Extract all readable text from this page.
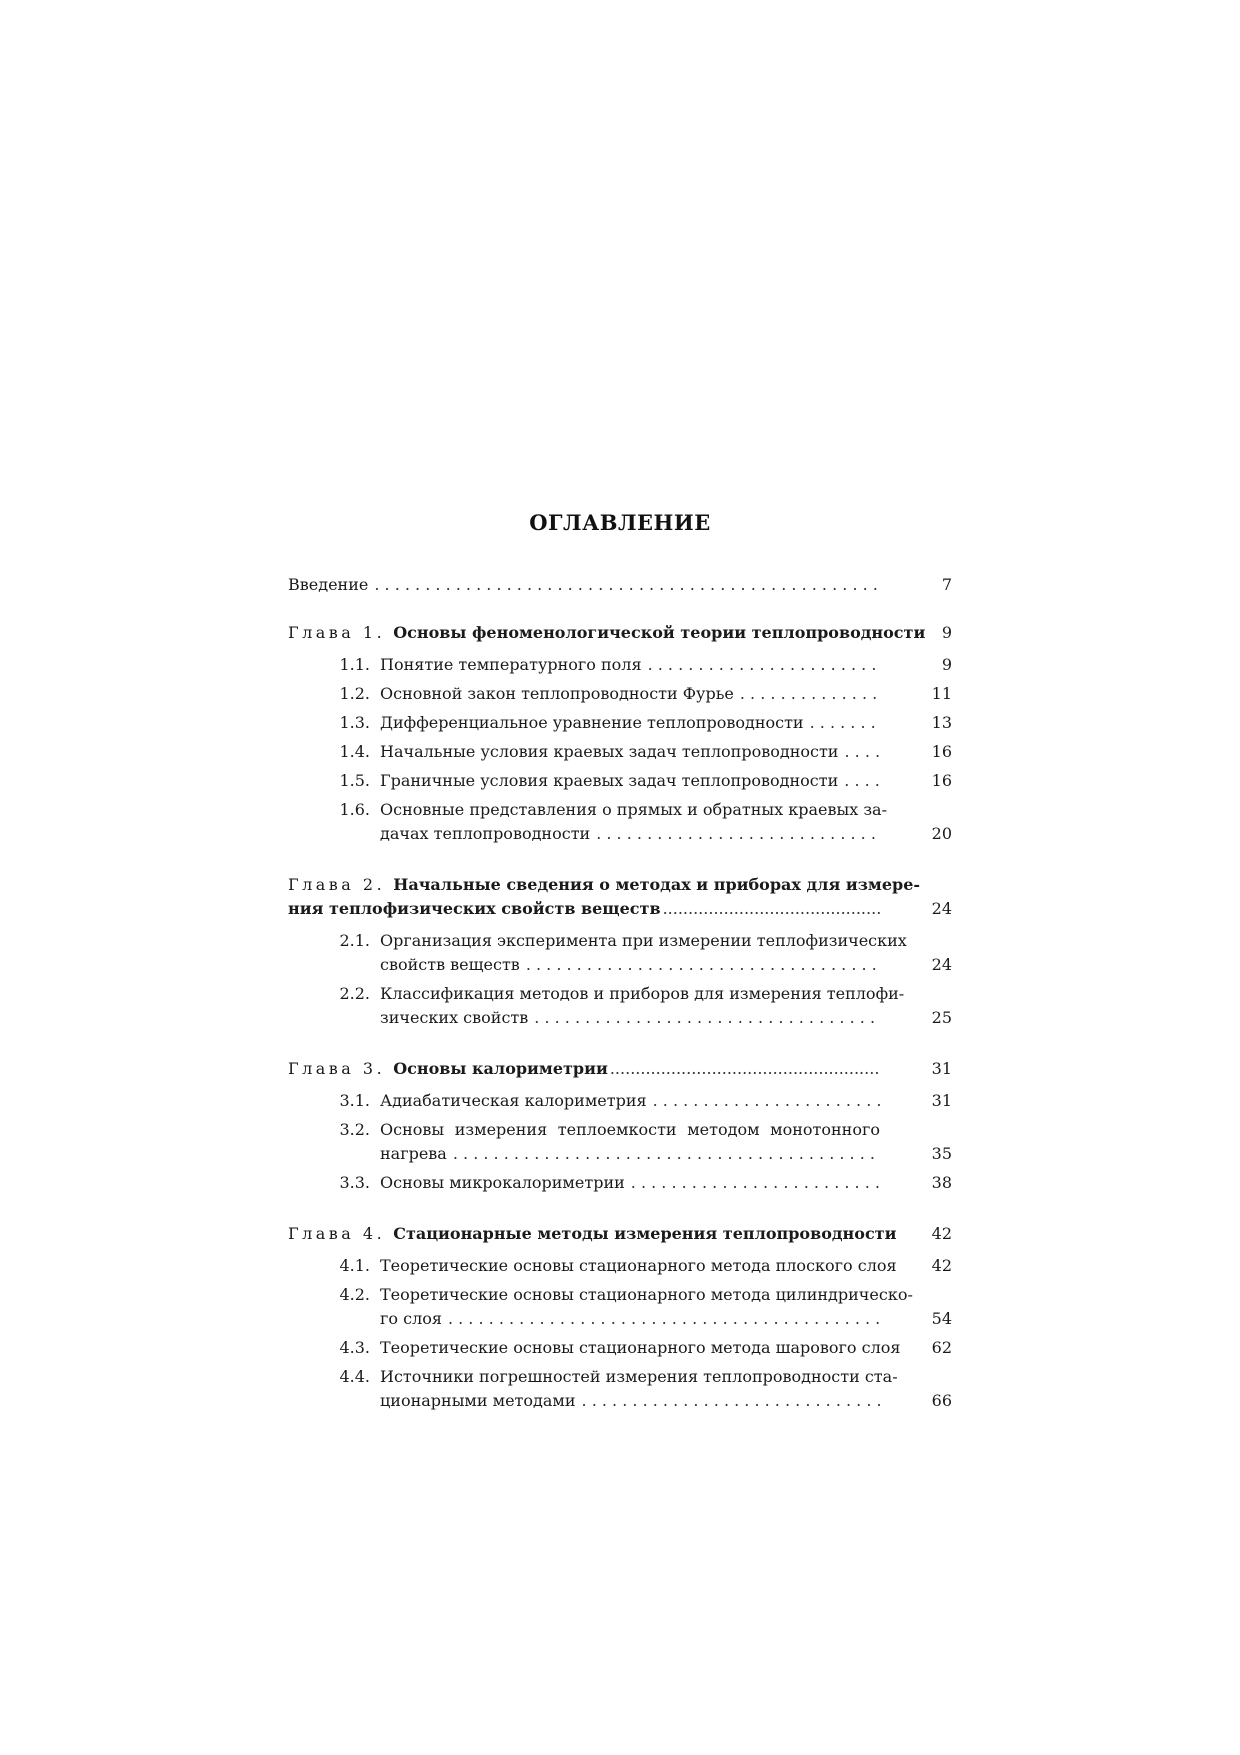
ОГЛАВЛЕНИЕ
Введение . . .	7
Глава 1. Основы феноменологической теории теплопроводности	9
1.1. Понятие температурного поля . . .	9
1.2. Основной закон теплопроводности Фурье . . .	11
1.3. Дифференциальное уравнение теплопроводности . . .	13
1.4. Начальные условия краевых задач теплопроводности . . .	16
1.5. Граничные условия краевых задач теплопроводности . . .	16
1.6. Основные представления о прямых и обратных краевых за-
дачах теплопроводности . . .	20
Глава 2. Начальные сведения о методах и приборах для измере-
ния теплофизических свойств веществ .....	24
2.1. Организация эксперимента при измерении теплофизических
свойств веществ . . .	24
2.2. Классификация методов и приборов для измерения теплофи-
зических свойств . . .	25
Глава 3. Основы калориметрии .....	31
3.1. Адиабатическая калориметрия . . .	31
3.2. Основы измерения теплоемкости методом монотонного
нагрева . . .	35
3.3. Основы микрокалориметрии . . .	38
Глава 4. Стационарные методы измерения теплопроводности	42
4.1. Теоретические основы стационарного метода плоского слоя	42
4.2. Теоретические основы стационарного метода цилиндрическо-
го слоя . . .	54
4.3. Теоретические основы стационарного метода шарового слоя	62
4.4. Источники погрешностей измерения теплопроводности ста-
ционарными методами . . .	66
